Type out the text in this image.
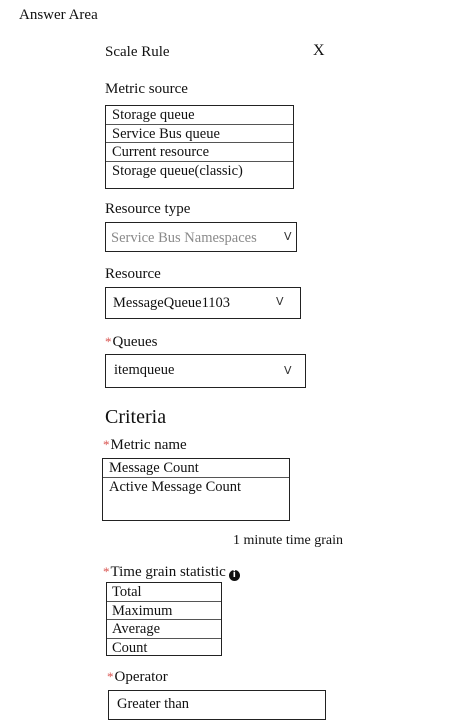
Answer Area
Scale Rule	X
Metric source
Storage queue
Service Bus queue
Current resource
Storage queue(classic)
Resource type
Service Bus Namespaces V
Resource
MessageQueue1103	V
*Queues
itemqueue	V
Criteria
*Metric name
Message Count
Active Message Count
1 minute time grain
*Time grain statistic i
Total
Maximum
Average
Count
*Operator
Greater than
